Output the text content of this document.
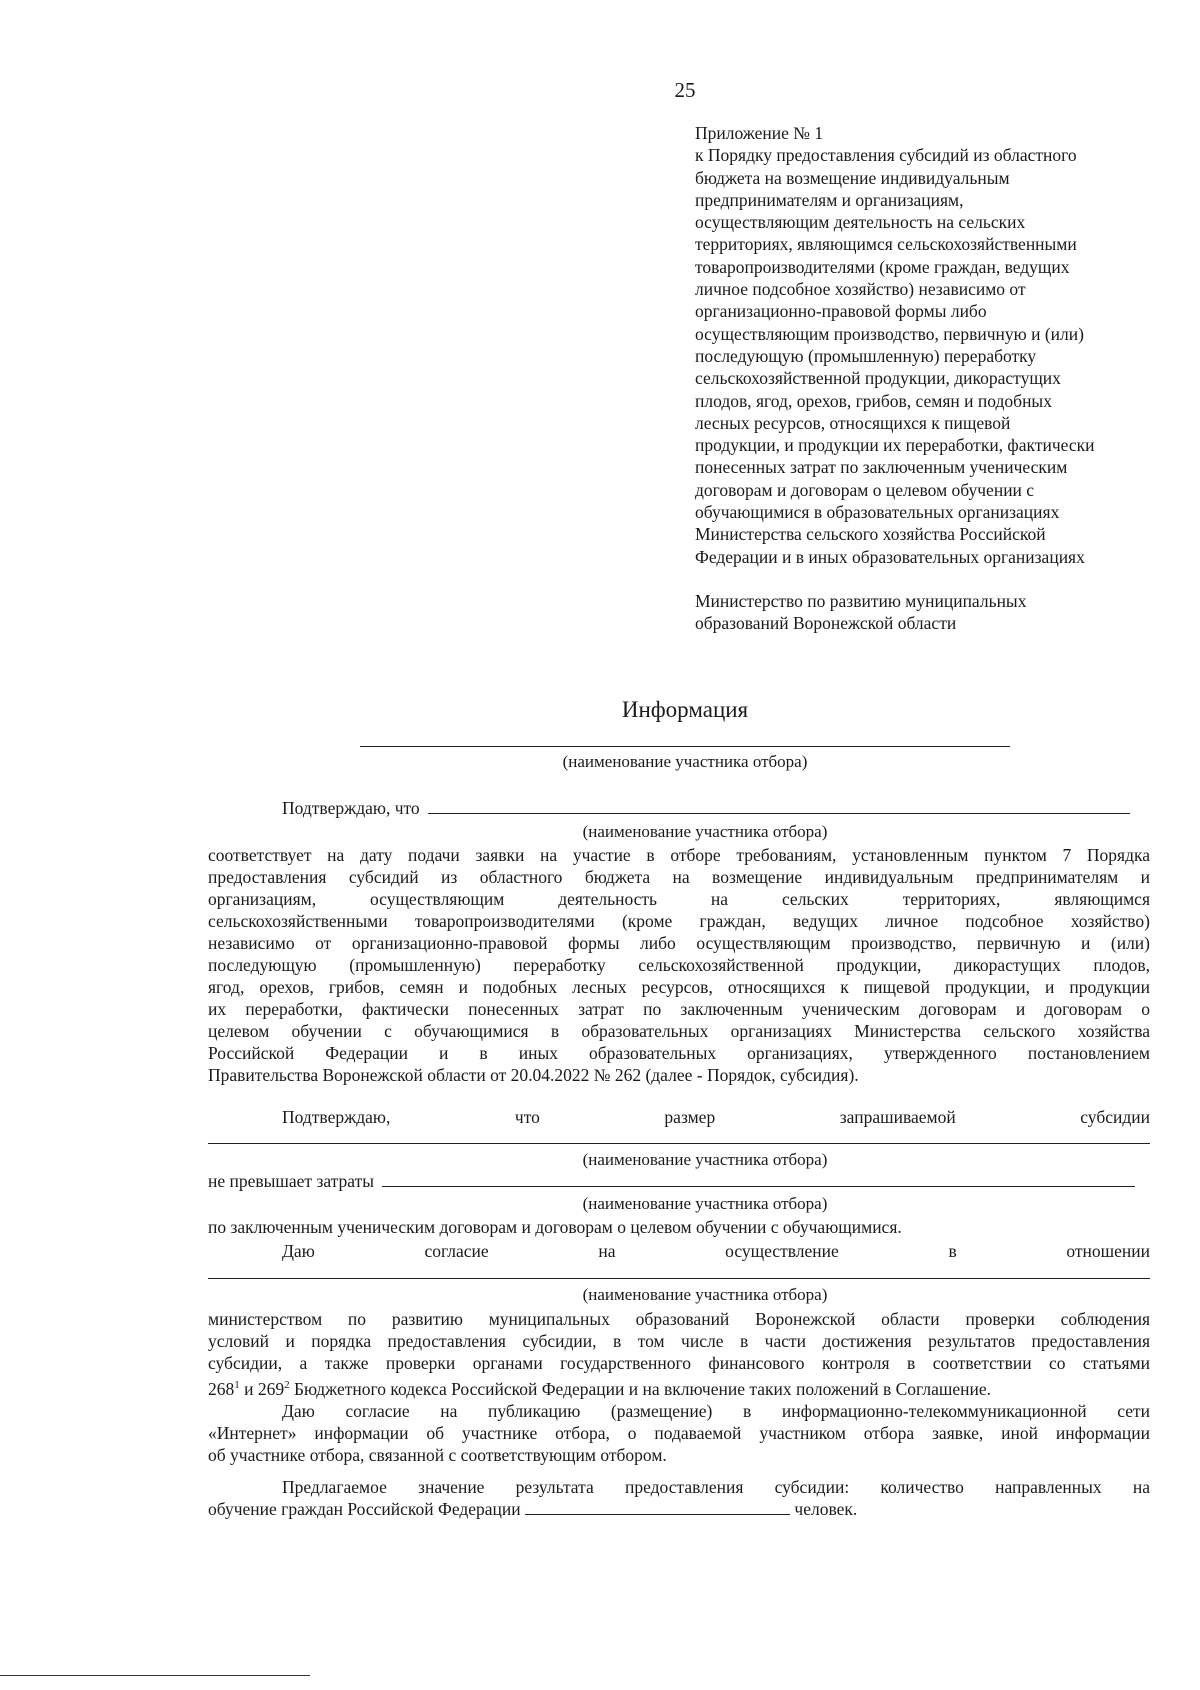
25
Приложение № 1
к Порядку предоставления субсидий из областного
бюджета на возмещение индивидуальным
предпринимателям и организациям,
осуществляющим деятельность на сельских
территориях, являющимся сельскохозяйственными
товаропроизводителями (кроме граждан, ведущих
личное подсобное хозяйство) независимо от
организационно-правовой формы либо
осуществляющим производство, первичную и (или)
последующую (промышленную) переработку
сельскохозяйственной продукции, дикорастущих
плодов, ягод, орехов, грибов, семян и подобных
лесных ресурсов, относящихся к пищевой
продукции, и продукции их переработки, фактически
понесенных затрат по заключенным ученическим
договорам и договорам о целевом обучении с
обучающимися в образовательных организациях
Министерства сельского хозяйства Российской
Федерации и в иных образовательных организациях
Министерство по развитию муниципальных
образований Воронежской области
Информация
(наименование участника отбора)
Подтверждаю, что
(наименование участника отбора)
соответствует на дату подачи заявки на участие в отборе требованиям, установленным пунктом 7 Порядка
предоставления субсидий из областного бюджета на возмещение индивидуальным предпринимателям и
организациям, осуществляющим деятельность на сельских территориях, являющимся
сельскохозяйственными товаропроизводителями (кроме граждан, ведущих личное подсобное хозяйство)
независимо от организационно-правовой формы либо осуществляющим производство, первичную и (или)
последующую (промышленную) переработку сельскохозяйственной продукции, дикорастущих плодов,
ягод, орехов, грибов, семян и подобных лесных ресурсов, относящихся к пищевой продукции, и продукции
их переработки, фактически понесенных затрат по заключенным ученическим договорам и договорам о
целевом обучении с обучающимися в образовательных организациях Министерства сельского хозяйства
Российской Федерации и в иных образовательных организациях, утвержденного постановлением
Правительства Воронежской области от 20.04.2022 № 262 (далее - Порядок, субсидия).
Подтверждаю,	что	размер	запрашиваемой	субсидии
(наименование участника отбора)
не превышает затраты
(наименование участника отбора)
по заключенным ученическим договорам и договорам о целевом обучении с обучающимися.
Даю	согласие	на	осуществление	в	отношении
(наименование участника отбора)
министерством по развитию муниципальных образований Воронежской области проверки соблюдения
условий и порядка предоставления субсидии, в том числе в части достижения результатов предоставления
субсидии, а также проверки органами государственного финансового контроля в соответствии со статьями
$268^1$ и $269^2$ Бюджетного кодекса Российской Федерации и на включение таких положений в Соглашение.
Даю согласие на публикацию (размещение) в информационно-телекоммуникационной сети
«Интернет» информации об участнике отбора, о подаваемой участником отбора заявке, иной информации
об участнике отбора, связанной с соответствующим отбором.
Предлагаемое значение результата предоставления субсидии: количество направленных на
обучение граждан Российской Федерации	человек.
